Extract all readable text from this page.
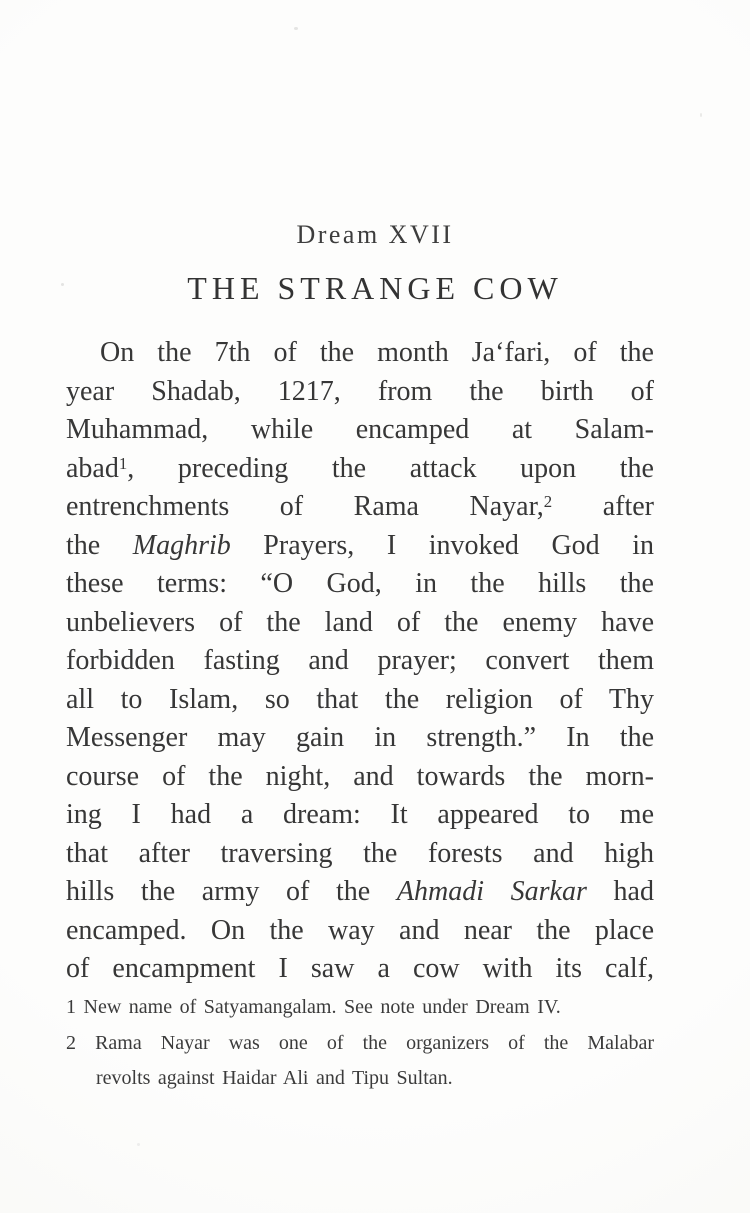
Dream XVII
THE STRANGE COW
On the 7th of the month Ja‘fari, of the
year Shadab, 1217, from the birth of
Muhammad, while encamped at Salam-
abad$^1$, preceding the attack upon the
entrenchments of Rama Nayar,$^2$ after
the Maghrib Prayers, I invoked God in
these terms: “O God, in the hills the
unbelievers of the land of the enemy have
forbidden fasting and prayer; convert them
all to Islam, so that the religion of Thy
Messenger may gain in strength.” In the
course of the night, and towards the morn-
ing I had a dream: It appeared to me
that after traversing the forests and high
hills the army of the Ahmadi Sarkar had
encamped. On the way and near the place
of encampment I saw a cow with its calf,
1 New name of Satyamangalam. See note under Dream IV.
2 Rama Nayar was one of the organizers of the Malabar
revolts against Haidar Ali and Tipu Sultan.
